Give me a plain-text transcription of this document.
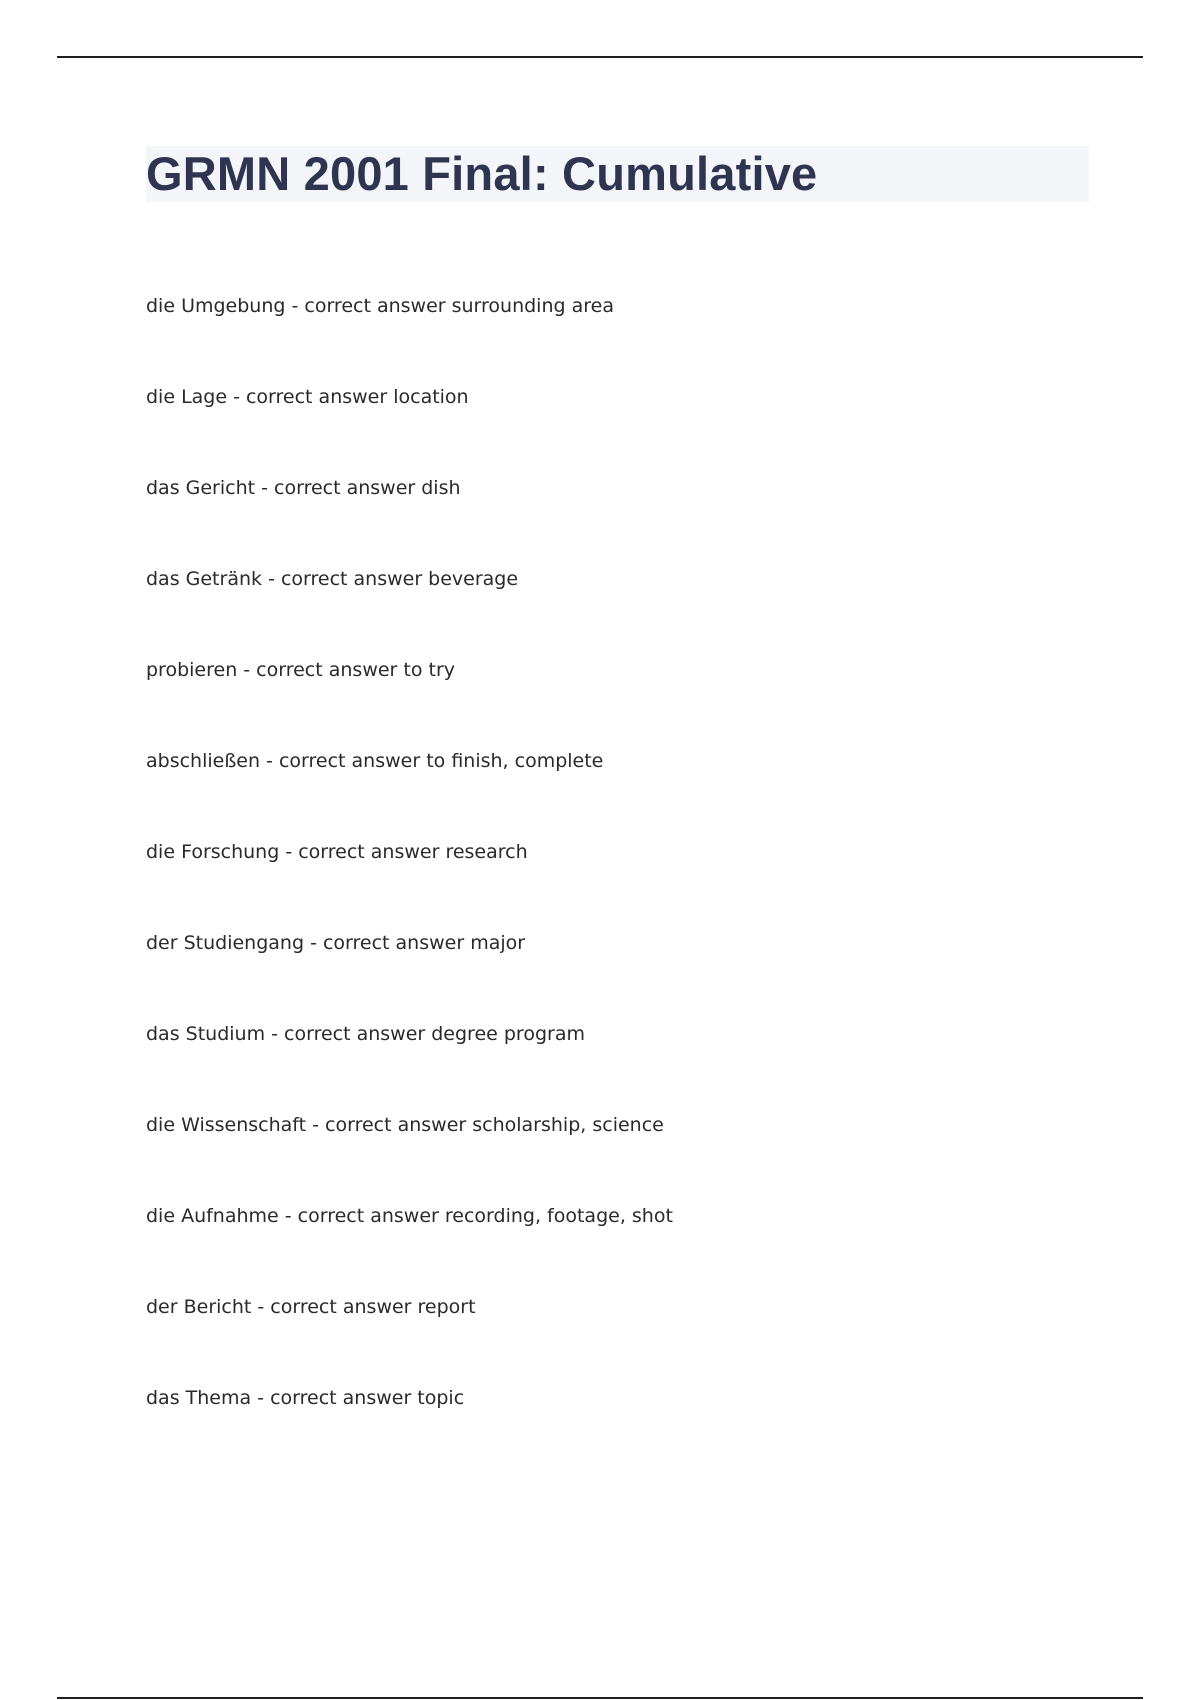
GRMN 2001 Final: Cumulative
die Umgebung - correct answer surrounding area
die Lage - correct answer location
das Gericht - correct answer dish
das Getränk - correct answer beverage
probieren - correct answer to try
abschließen - correct answer to finish, complete
die Forschung - correct answer research
der Studiengang - correct answer major
das Studium - correct answer degree program
die Wissenschaft - correct answer scholarship, science
die Aufnahme - correct answer recording, footage, shot
der Bericht - correct answer report
das Thema - correct answer topic
